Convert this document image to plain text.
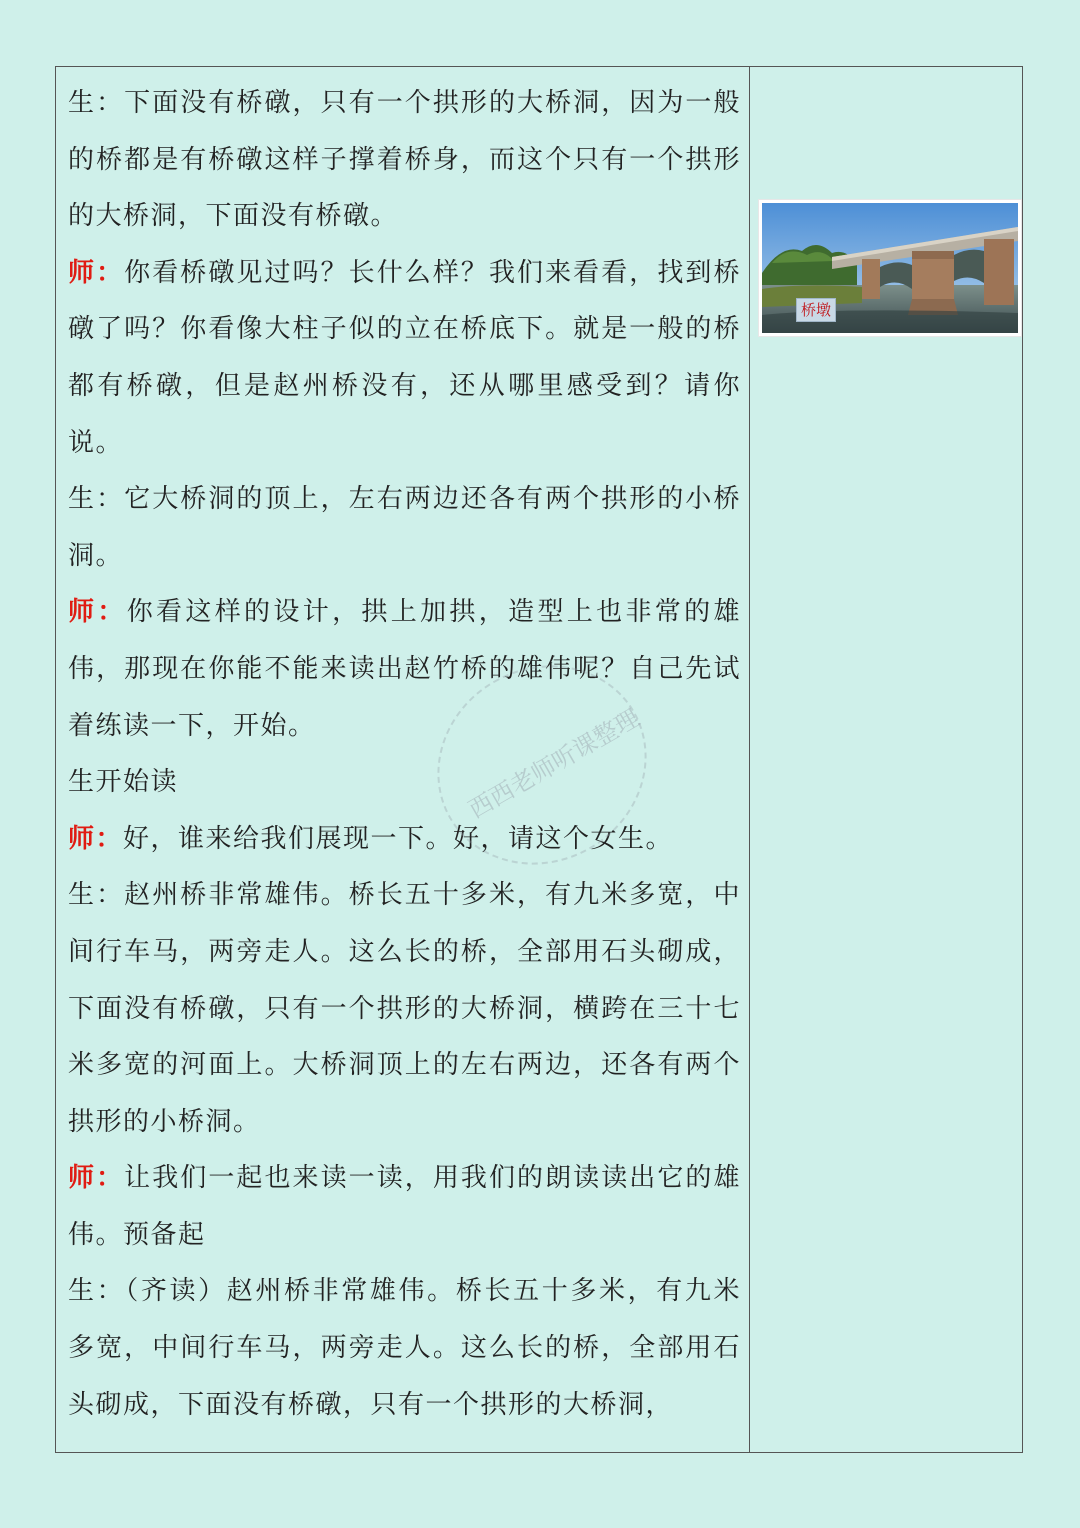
生：下面没有桥礅，只有一个拱形的大桥洞，因为一般的桥都是有桥礅这样子撑着桥身，而这个只有一个拱形的大桥洞，下面没有桥礅。

师：你看桥礅见过吗？长什么样？我们来看看，找到桥礅了吗？你看像大柱子似的立在桥底下。就是一般的桥都有桥礅，但是赵州桥没有，还从哪里感受到？请你说。

生：它大桥洞的顶上，左右两边还各有两个拱形的小桥洞。

师：你看这样的设计，拱上加拱，造型上也非常的雄伟，那现在你能不能来读出赵竹桥的雄伟呢？自己先试着练读一下，开始。

生开始读

师：好，谁来给我们展现一下。好，请这个女生。

生：赵州桥非常雄伟。桥长五十多米，有九米多宽，中间行车马，两旁走人。这么长的桥，全部用石头砌成，下面没有桥礅，只有一个拱形的大桥洞，横跨在三十七米多宽的河面上。大桥洞顶上的左右两边，还各有两个拱形的小桥洞。

师：让我们一起也来读一读，用我们的朗读读出它的雄伟。预备起

生：（齐读）赵州桥非常雄伟。桥长五十多米，有九米多宽，中间行车马，两旁走人。这么长的桥，全部用石头砌成，下面没有桥礅，只有一个拱形的大桥洞，

桥墩
西西老师听课整理
